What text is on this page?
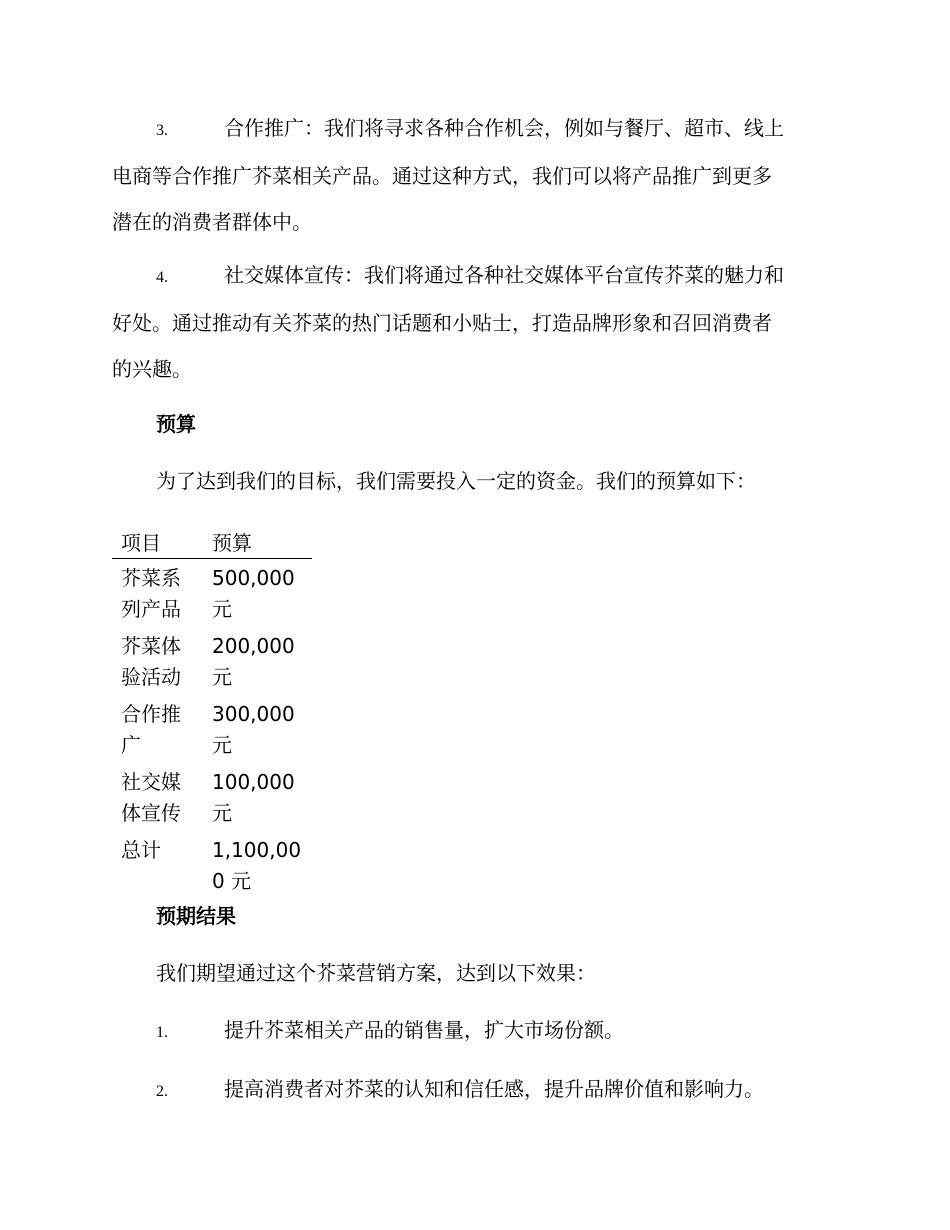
3.	合作推广：我们将寻求各种合作机会，例如与餐厅、超市、线上
电商等合作推广芥菜相关产品。通过这种方式，我们可以将产品推广到更多
潜在的消费者群体中。
4.	社交媒体宣传：我们将通过各种社交媒体平台宣传芥菜的魅力和
好处。通过推动有关芥菜的热门话题和小贴士，打造品牌形象和召回消费者
的兴趣。

预算

为了达到我们的目标，我们需要投入一定的资金。我们的预算如下：

项目	预算

芥菜系
列产品	500,000
元

芥菜体
验活动	200,000
元

合作推
广	300,000
元

社交媒
体宣传	100,000
元

总计	1,100,00
0 元

预期结果

我们期望通过这个芥菜营销方案，达到以下效果：

1.	提升芥菜相关产品的销售量，扩大市场份额。
2.	提高消费者对芥菜的认知和信任感，提升品牌价值和影响力。
